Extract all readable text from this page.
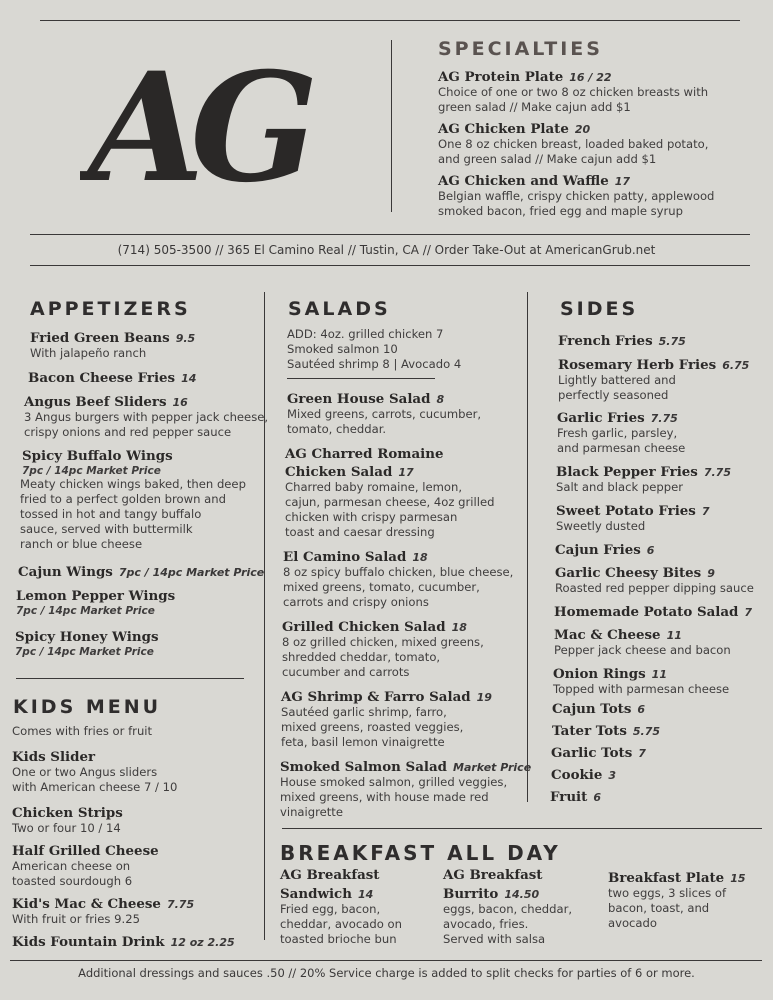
AG	SPECIALTIES
AG Protein Plate 16 / 22
Choice of one or two 8 oz chicken breasts with
green salad // Make cajun add $1
AG Chicken Plate 20
One 8 oz chicken breast, loaded baked potato,
and green salad // Make cajun add $1
AG Chicken and Waffle 17
Belgian waffle, crispy chicken patty, applewood
smoked bacon, fried egg and maple syrup
(714) 505-3500 // 365 El Camino Real // Tustin, CA // Order Take-Out at AmericanGrub.net
APPETIZERS
Fried Green Beans 9.5
With jalapeño ranch
Bacon Cheese Fries 14
Angus Beef Sliders 16
3 Angus burgers with pepper jack cheese,
crispy onions and red pepper sauce
Spicy Buffalo Wings
7pc / 14pc Market Price
Meaty chicken wings baked, then deep
fried to a perfect golden brown and
tossed in hot and tangy buffalo
sauce, served with buttermilk
ranch or blue cheese
Cajun Wings 7pc / 14pc Market Price
Lemon Pepper Wings
7pc / 14pc Market Price
Spicy Honey Wings
7pc / 14pc Market Price
KIDS MENU
Comes with fries or fruit
Kids Slider
One or two Angus sliders
with American cheese 7 / 10
Chicken Strips
Two or four 10 / 14
Half Grilled Cheese
American cheese on
toasted sourdough 6
Kid's Mac & Cheese 7.75
With fruit or fries 9.25
Kids Fountain Drink 12 oz 2.25
SALADS
ADD: 4oz. grilled chicken 7
Smoked salmon 10
Sautéed shrimp 8 | Avocado 4
Green House Salad 8
Mixed greens, carrots, cucumber,
tomato, cheddar.
AG Charred Romaine
Chicken Salad 17
Charred baby romaine, lemon,
cajun, parmesan cheese, 4oz grilled
chicken with crispy parmesan
toast and caesar dressing
El Camino Salad 18
8 oz spicy buffalo chicken, blue cheese,
mixed greens, tomato, cucumber,
carrots and crispy onions
Grilled Chicken Salad 18
8 oz grilled chicken, mixed greens,
shredded cheddar, tomato,
cucumber and carrots
AG Shrimp & Farro Salad 19
Sautéed garlic shrimp, farro,
mixed greens, roasted veggies,
feta, basil lemon vinaigrette
Smoked Salmon Salad Market Price
House smoked salmon, grilled veggies,
mixed greens, with house made red
vinaigrette
SIDES
French Fries 5.75
Rosemary Herb Fries 6.75
Lightly battered and
perfectly seasoned
Garlic Fries 7.75
Fresh garlic, parsley,
and parmesan cheese
Black Pepper Fries 7.75
Salt and black pepper
Sweet Potato Fries 7
Sweetly dusted
Cajun Fries 6
Garlic Cheesy Bites 9
Roasted red pepper dipping sauce
Homemade Potato Salad 7
Mac & Cheese 11
Pepper jack cheese and bacon
Onion Rings 11
Topped with parmesan cheese
Cajun Tots 6
Tater Tots 5.75
Garlic Tots 7
Cookie 3
Fruit 6
BREAKFAST ALL DAY
AG Breakfast
Sandwich 14
Fried egg, bacon,
cheddar, avocado on
toasted brioche bun
AG Breakfast
Burrito 14.50
eggs, bacon, cheddar,
avocado, fries.
Served with salsa
Breakfast Plate 15
two eggs, 3 slices of
bacon, toast, and
avocado
Additional dressings and sauces .50 // 20% Service charge is added to split checks for parties of 6 or more.
